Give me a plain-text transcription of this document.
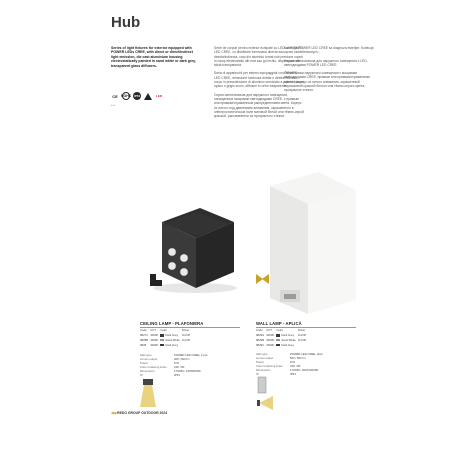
Hub

Series of light fixtures for exterior equipped with POWER LEDs CREE, with direct or direct/indirect light emission, die cast aluminium housing electrostatically painted in sand white or dark grey, transparent glass diffusers.

Serie de corpuri pentru exterior echipate cu LED-uri POWER LED CREE, cu distributie luminoasa directa sau directa/indirecta, corp din aluminiu turnat sub presiune vopsit in camp electrostatic alb mat sau gri inchis, dispersoare din sticla transparenta.

Seria di apparecchi per esterni equipaggiati con POWER LED CREE, emissione luminosa diretta o diretta/indiretta, corpo in pressofusione di alluminio verniciato a polveri bianco opaco o grigio scuro, diffusori in vetro trasparente.

Серия светильников для наружного освещения, оснащенных мощными светодиодами CREE, с прямым или прямым/отраженным распределением света. Корпус из литого под давлением алюминия, окрашенного в электростатическом поле матовой белой или тёмно-серой краской, рассеиватели из прозрачного стекла.

Kolekcija POWER LED CREE sa diagnoza esterijer. Kolekcja opraw oswietleniowych...

Серия светильников для наружного освещения с LED-светодиодами POWER LED CREE.

Светильники наружного освещения с мощными светодиодами CREE, прямым или прямым/отраженным светом, корпус из литого алюминия, окрашенный порошковой краской белого или тёмно-серого цвета, прозрачное стекло.

CE ROHS IP54	LED
▪ ▪ ▪
CEILING LAMP - PLAFONIERA
Code	CCT	Color	Driver
9827C	3000K	Dark Grey	On/Off
9828B	3000K	Sand White	On/Off
9828	3000K	Dark Grey	
LED type	POWER LED CREE, 4 pcs
Lumen output	325 / 600 lm
Power	8 W
Color rendering index	CRI >80
Dimensions	170X80 / 165X80X80
IP	IP54
WALL LAMP - APLICĂ
Code	CCT	Color	Driver
9829A	3000K	Dark Grey	On/Off
9829B	3000K	Sand White	On/Off
9829C	3000K	Dark Grey	
LED type	POWER LED CREE, 3pcs
Lumen output	500 / 500 lm
Power	8 W
Color rendering index	CRI >80
Dimensions	170X80 / 200X100X80
IP	IP54
◀◀ REDO GROUP OUTDOOR 2024
